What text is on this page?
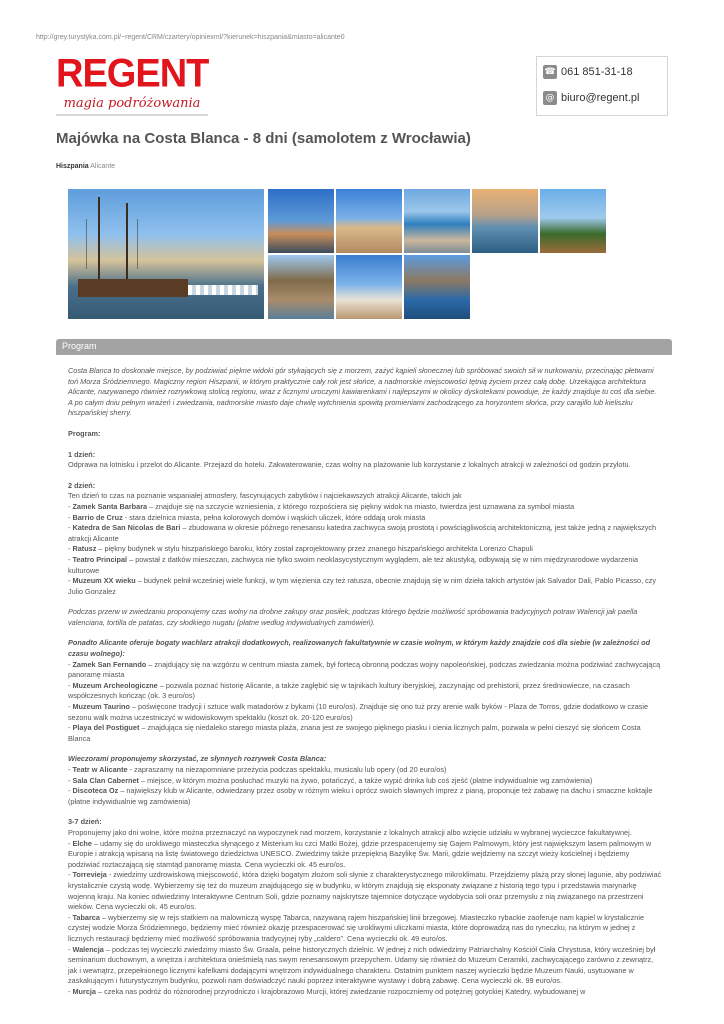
http://grey.turystyka.com.pl/~regent/CRM/czartery/opiniexml/?kierunek=hiszpania&miasto=alicante0
REGENT
magia podróżowania
☎ 061 851-31-18
@ biuro@regent.pl
Majówka na Costa Blanca - 8 dni (samolotem z Wrocławia)
Hiszpania Alicante
Program

Costa Blanca to doskonałe miejsce, by podziwiać piękne widoki gór stykających się z morzem, zażyć kąpieli słonecznej lub spróbować swoich sił w nurkowaniu, przecinając płetwami toń Morza Śródziemnego. Magiczny region Hiszpanii, w którym praktycznie cały rok jest słońce, a nadmorskie miejscowości tętnią życiem przez całą dobę. Urzekająca architektura Alicante, nazywanego również rozrywkową stolicą regionu, wraz z licznymi uroczymi kawiarenkami i najlepszymi w okolicy dyskotekami powoduje, że każdy znajduje tu coś dla siebie. A po całym dniu pełnym wrażeń i zwiedzania, nadmorskie miasto daje chwilę wytchnienia spowitą promieniami zachodzącego za horyzontem słońca, przy carajillo lub kieliszku hiszpańskiej sherry.

Program:

1 dzień:

Odprawa na lotnisku i przelot do Alicante. Przejazd do hotelu. Zakwaterowanie, czas wolny na plażowanie lub korzystanie z lokalnych atrakcji w zależności od godzin przylotu.

2 dzień:

Ten dzień to czas na poznanie wspaniałej atmosfery, fascynujących zabytków i najciekawszych atrakcji Alicante, takich jak

- Zamek Santa Barbara – znajduje się na szczycie wzniesienia, z którego rozpościera się piękny widok na miasto, twierdza jest uznawana za symbol miasta

- Barrio de Cruz - stara dzielnica miasta, pełna kolorowych domów i wąskich uliczek, które oddają urok miasta

- Katedra de San Nicolas de Bari – zbudowana w okresie późnego renesansu katedra zachwyca swoją prostotą i powściągliwością architektoniczną, jest także jedną z największych atrakcji Alicante

- Ratusz – piękny budynek w stylu hiszpańskiego baroku, który został zaprojektowany przez znanego hiszpańskiego architekta Lorenzo Chapuli

- Teatro Principal – powstał z datków mieszczan, zachwyca nie tylko swoim neoklasycystycznym wyglądem, ale też akustyką, odbywają się w nim międzynarodowe wydarzenia kulturowe

- Muzeum XX wieku – budynek pełnił wcześniej wiele funkcji, w tym więzienia czy też ratusza, obecnie znajdują się w nim dzieła takich artystów jak Salvador Dali, Pablo Picasso, czy Julio Gonzalez

Podczas przerw w zwiedzaniu proponujemy czas wolny na drobne zakupy oraz posiłek, podczas którego będzie możliwość spróbowania tradycyjnych potraw Walencji jak paella valenciana, tortilla de patatas, czy słodkiego nugatu (płatne według indywidualnych zamówień).

Ponadto Alicante oferuje bogaty wachlarz atrakcji dodatkowych, realizowanych fakultatywnie w czasie wolnym, w którym każdy znajdzie coś dla siebie (w zależności od czasu wolnego):

- Zamek San Fernando – znajdujący się na wzgórzu w centrum miasta zamek, był fortecą obronną podczas wojny napoleońskiej, podczas zwiedzania można podziwiać zachwycającą panoramę miasta

- Muzeum Archeologiczne – pozwala poznać historię Alicante, a także zagłębić się w tajnikach kultury iberyjskiej, zaczynając od prehistorii, przez średniowiecze, na czasach współczesnych kończąc (ok. 3 euro/os)

- Muzeum Taurino – poświęcone tradycji i sztuce walk matadorów z bykami (10 euro/os). Znajduje się ono tuż przy arenie walk byków - Plaza de Torros, gdzie dodatkowo w czasie sezonu walk można uczestniczyć w widowiskowym spektaklu (koszt ok. 20-120 euro/os)

- Playa del Postiguet – znajdująca się niedaleko starego miasta plaża, znana jest ze swojego pięknego piasku i cienia licznych palm, pozwala w pełni cieszyć się słońcem Costa Blanca

Wieczorami proponujemy skorzystać, ze słynnych rozrywek Costa Blanca:

- Teatr w Alicante - zapraszamy na niezapomniane przeżycia podczas spektaklu, musicalu lub opery (od 20 euro/os)

- Sala Clan Cabernet – miejsce, w którym można posłuchać muzyki na żywo, potańczyć, a także wypić drinka lub coś zjeść (płatne indywidualnie wg zamówienia)

- Discoteca Oz – największy klub w Alicante, odwiedzany przez osoby w różnym wieku i oprócz swoich sławnych imprez z pianą, proponuje też zabawę na dachu i smaczne koktajle (płatne indywidualnie wg zamówienia)

3-7 dzień:

Proponujemy jako dni wolne, które można przeznaczyć na wypoczynek nad morzem, korzystanie z lokalnych atrakcji albo wzięcie udziału w wybranej wycieczce fakultatywnej.

- Elche – udamy się do urokliwego miasteczka słynącego z Misterium ku czci Matki Bożej, gdzie przespacerujemy się Gajem Palmowym, który jest największym lasem palmowym w Europie i atrakcją wpisaną na listę światowego dziedzictwa UNESCO. Zwiedzimy także przepiękną Bazylikę Św. Marii, gdzie wejdziemy na szczyt wieży kościelnej i będziemy podziwiać roztaczającą się stamtąd panoramę miasta. Cena wycieczki ok. 45 euro/os.

- Torrevieja - zwiedzimy uzdrowiskową miejscowość, która dzięki bogatym złożom soli słynie z charakterystycznego mikroklimatu. Przejdziemy plażą przy słonej lagunie, aby podziwiać krystalicznie czystą wodę. Wybierzemy się też do muzeum znajdującego się w budynku, w którym znajdują się eksponaty związane z historią tego typu i przedstawia marynarkę wojenną kraju. Na koniec odwiedzimy Interaktywne Centrum Soli, gdzie poznamy najskrytsze tajemnice dotyczące wydobycia soli oraz przemysłu z nią związanego na przestrzeni wieków. Cena wycieczki ok. 45 euro/os.

- Tabarca – wybierzemy się w rejs statkiem na malowniczą wyspę Tabarca, nazywaną rajem hiszpańskiej linii brzegowej. Miasteczko rybackie zaoferuje nam kąpiel w krystalicznie czystej wodzie Morza Śródziemnego, będziemy mieć również okazję przespacerować się urokliwymi uliczkami miasta, które doprowadzą nas do ryneczku, na którym w jednej z licznych restauracji będziemy mieć możliwość spróbowania tradycyjnej ryby „caldero”. Cena wycieczki ok. 49 euro/os.

- Walencja – podczas tej wycieczki zwiedzimy miasto Św. Graala, pełne historycznych dzielnic. W jednej z nich odwiedzimy Patriarchalny Kościół Ciała Chrystusa, który wcześniej był seminarium duchownym, a wnętrza i architektura onieśmielą nas swym renesansowym przepychem. Udamy się również do Muzeum Ceramiki, zachwycającego zarówno z zewnątrz, jak i wewnątrz, przepełnionego licznymi kafelkami dodającymi wnętrzom indywidualnego charakteru. Ostatnim punktem naszej wycieczki będzie Muzeum Nauki, usytuowane w zaskakującym i futurystycznym budynku, pozwoli nam doświadczyć nauki poprzez interaktywne wystawy i dobrą zabawę. Cena wycieczki ok. 99 euro/os.

- Murcja – czeka nas podróż do różnorodnej przyrodniczo i krajobrazowo Murcji, której zwiedzanie rozpoczniemy od potężnej gotyckiej Katedry, wybudowanej w
